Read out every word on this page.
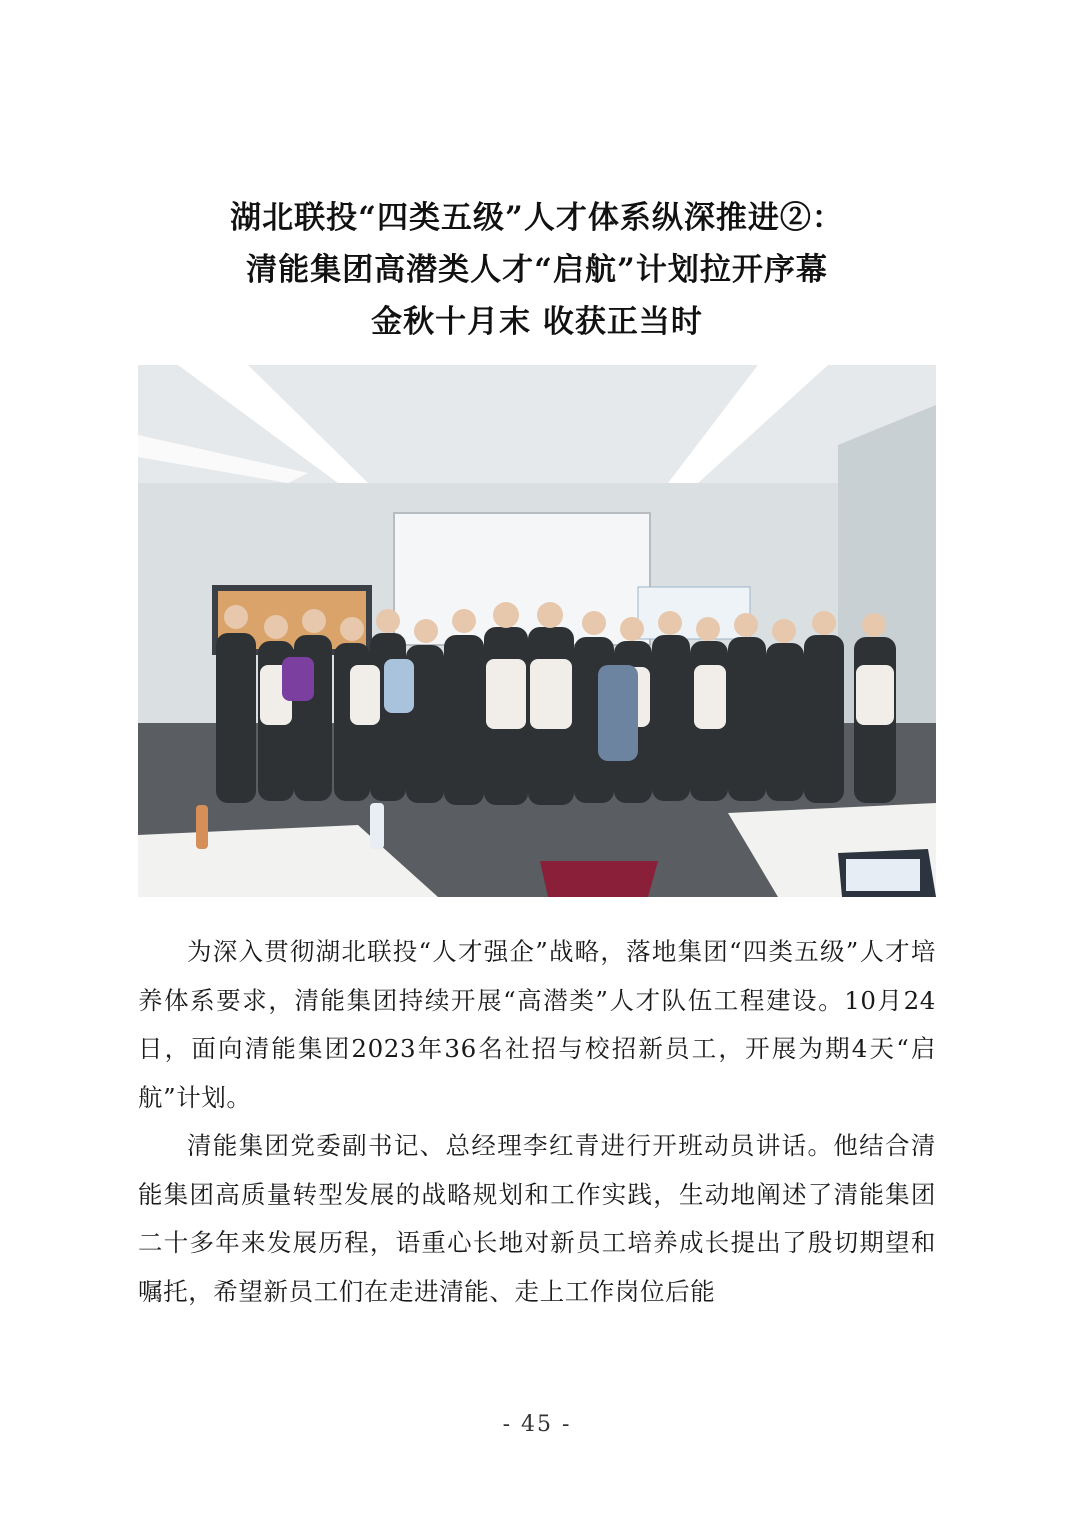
湖北联投“四类五级”人才体系纵深推进②：
清能集团高潜类人才“启航”计划拉开序幕
金秋十月末 收获正当时

为深入贯彻湖北联投“人才强企”战略，落地集团“四类五级”人才培养体系要求，清能集团持续开展“高潜类”人才队伍工程建设。10月24日，面向清能集团2023年36名社招与校招新员工，开展为期4天“启航”计划。

清能集团党委副书记、总经理李红青进行开班动员讲话。他结合清能集团高质量转型发展的战略规划和工作实践，生动地阐述了清能集团二十多年来发展历程，语重心长地对新员工培养成长提出了殷切期望和嘱托，希望新员工们在走进清能、走上工作岗位后能

- 45 -
